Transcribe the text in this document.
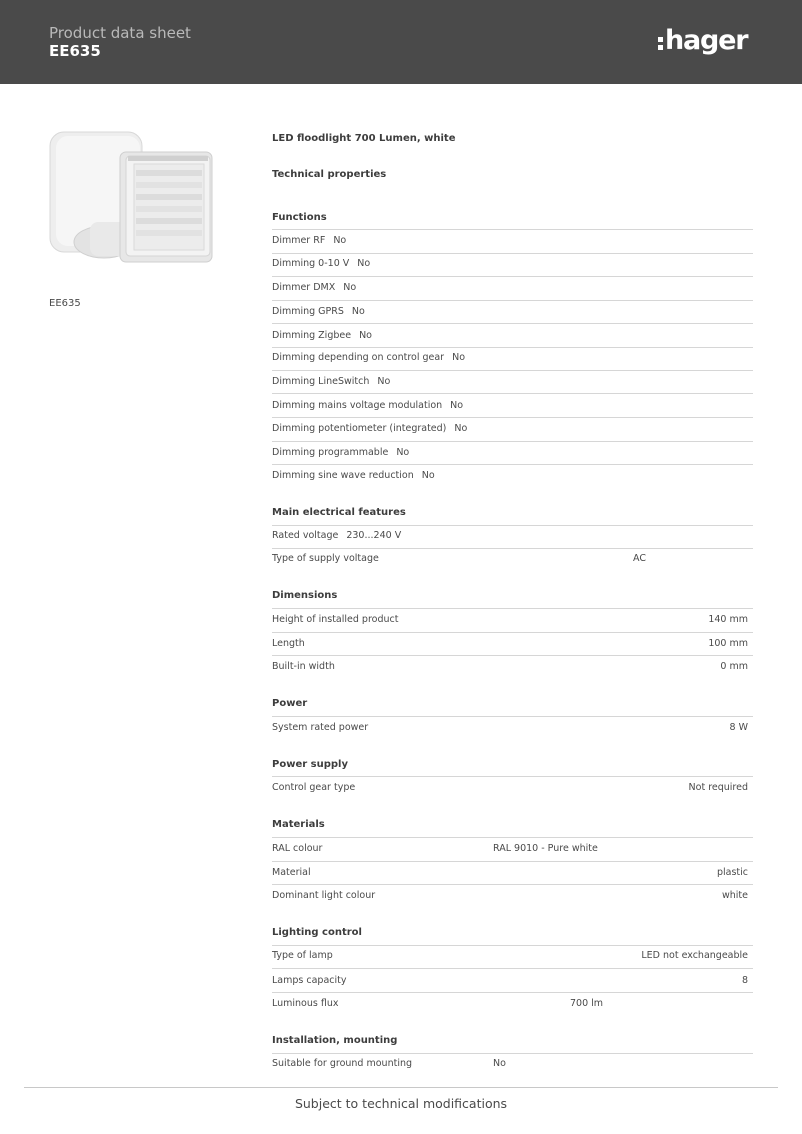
Product data sheet
EE635	hager
EE635
LED floodlight 700 Lumen, white
Technical properties
Functions
Dimmer RF No
Dimming 0-10 V No
Dimmer DMX No
Dimming GPRS No
Dimming Zigbee No
Dimming depending on control gear No
Dimming LineSwitch No
Dimming mains voltage modulation No
Dimming potentiometer (integrated) No
Dimming programmable No
Dimming sine wave reduction No
Main electrical features
Rated voltage 230...240 V
Type of supply voltage	AC
Dimensions
Height of installed product	140 mm
Length	100 mm
Built-in width	0 mm
Power
System rated power	8 W
Power supply
Control gear type	Not required
Materials
RAL colour	RAL 9010 - Pure white
Material	plastic
Dominant light colour	white
Lighting control
Type of lamp	LED not exchangeable
Lamps capacity	8
Luminous flux	700 lm
Installation, mounting
Suitable for ground mounting	No
Subject to technical modifications
